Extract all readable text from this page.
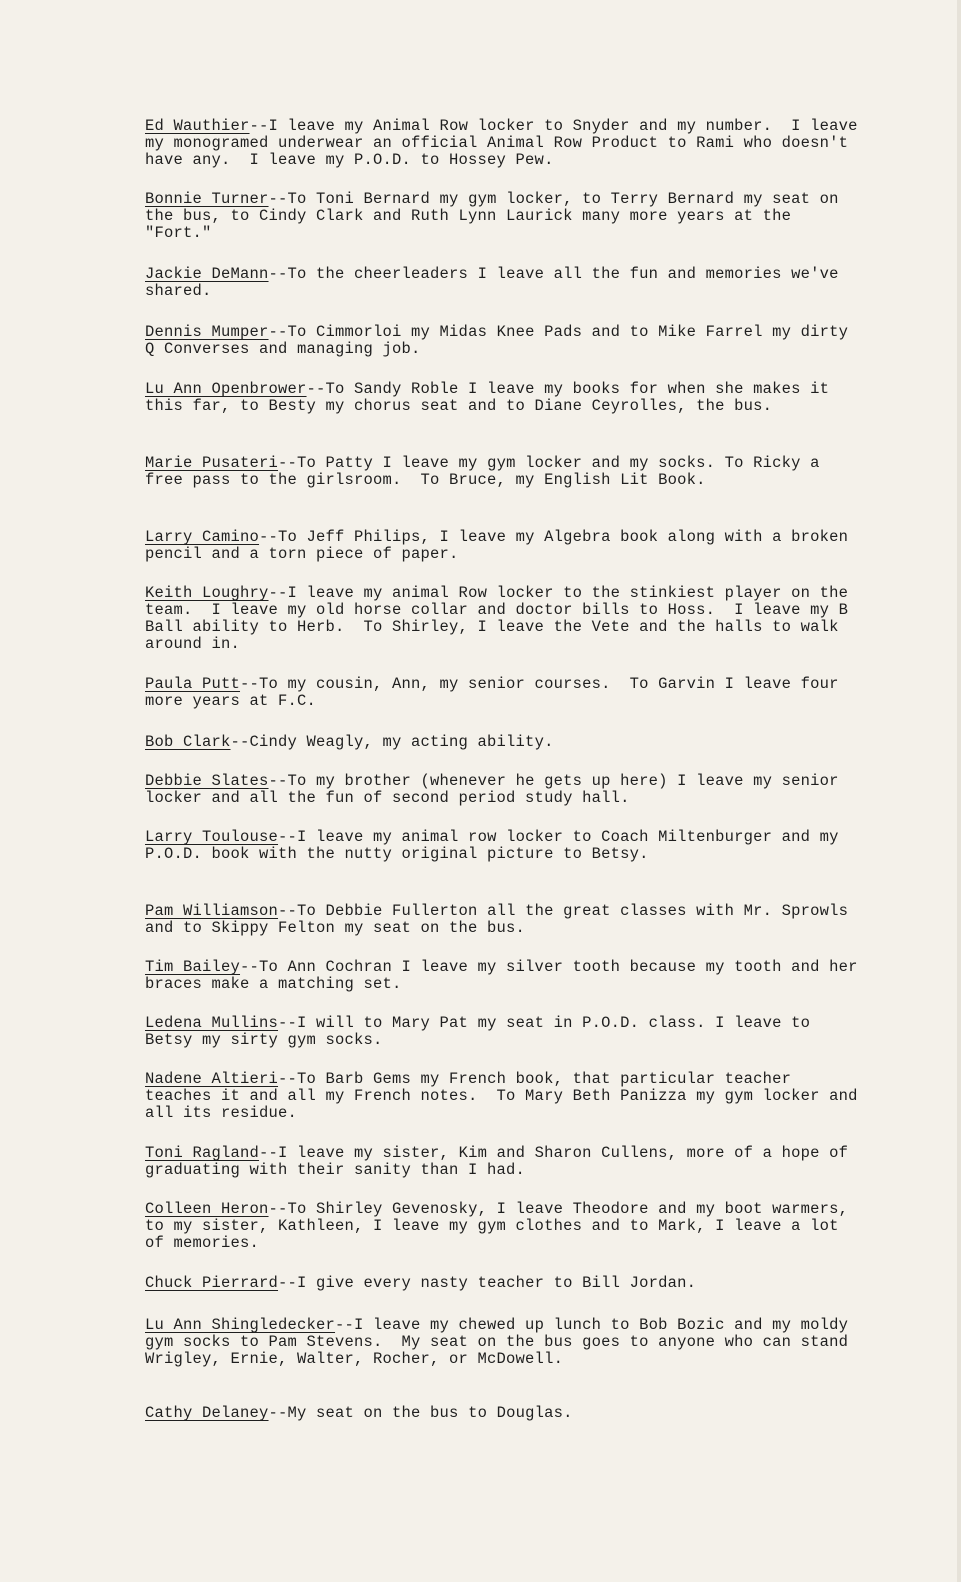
Ed Wauthier--I leave my Animal Row locker to Snyder and my number.  I leave my monogramed underwear an official Animal Row Product to Rami who doesn't have any.  I leave my P.O.D. to Hossey Pew.

Bonnie Turner--To Toni Bernard my gym locker, to Terry Bernard my seat on the bus, to Cindy Clark and Ruth Lynn Laurick many more years at the "Fort."

Jackie DeMann--To the cheerleaders I leave all the fun and memories we've shared.

Dennis Mumper--To Cimmorloi my Midas Knee Pads and to Mike Farrel my dirty Q Converses and managing job.

Lu Ann Openbrower--To Sandy Roble I leave my books for when she makes it this far, to Besty my chorus seat and to Diane Ceyrolles, the bus.

Marie Pusateri--To Patty I leave my gym locker and my socks. To Ricky a free pass to the girlsroom.  To Bruce, my English Lit Book.

Larry Camino--To Jeff Philips, I leave my Algebra book along with a broken pencil and a torn piece of paper.

Keith Loughry--I leave my animal Row locker to the stinkiest player on the team.  I leave my old horse collar and doctor bills to Hoss.  I leave my B Ball ability to Herb.  To Shirley, I leave the Vete and the halls to walk around in.

Paula Putt--To my cousin, Ann, my senior courses.  To Garvin I leave four more years at F.C.

Bob Clark--Cindy Weagly, my acting ability.

Debbie Slates--To my brother (whenever he gets up here) I leave my senior locker and all the fun of second period study hall.

Larry Toulouse--I leave my animal row locker to Coach Miltenburger and my P.O.D. book with the nutty original picture to Betsy.

Pam Williamson--To Debbie Fullerton all the great classes with Mr. Sprowls and to Skippy Felton my seat on the bus.

Tim Bailey--To Ann Cochran I leave my silver tooth because my tooth and her braces make a matching set.

Ledena Mullins--I will to Mary Pat my seat in P.O.D. class. I leave to Betsy my sirty gym socks.

Nadene Altieri--To Barb Gems my French book, that particular teacher teaches it and all my French notes.  To Mary Beth Panizza my gym locker and all its residue.

Toni Ragland--I leave my sister, Kim and Sharon Cullens, more of a hope of graduating with their sanity than I had.

Colleen Heron--To Shirley Gevenosky, I leave Theodore and my boot warmers, to my sister, Kathleen, I leave my gym clothes and to Mark, I leave a lot of memories.

Chuck Pierrard--I give every nasty teacher to Bill Jordan.

Lu Ann Shingledecker--I leave my chewed up lunch to Bob Bozic and my moldy gym socks to Pam Stevens.  My seat on the bus goes to anyone who can stand Wrigley, Ernie, Walter, Rocher, or McDowell.

Cathy Delaney--My seat on the bus to Douglas.
